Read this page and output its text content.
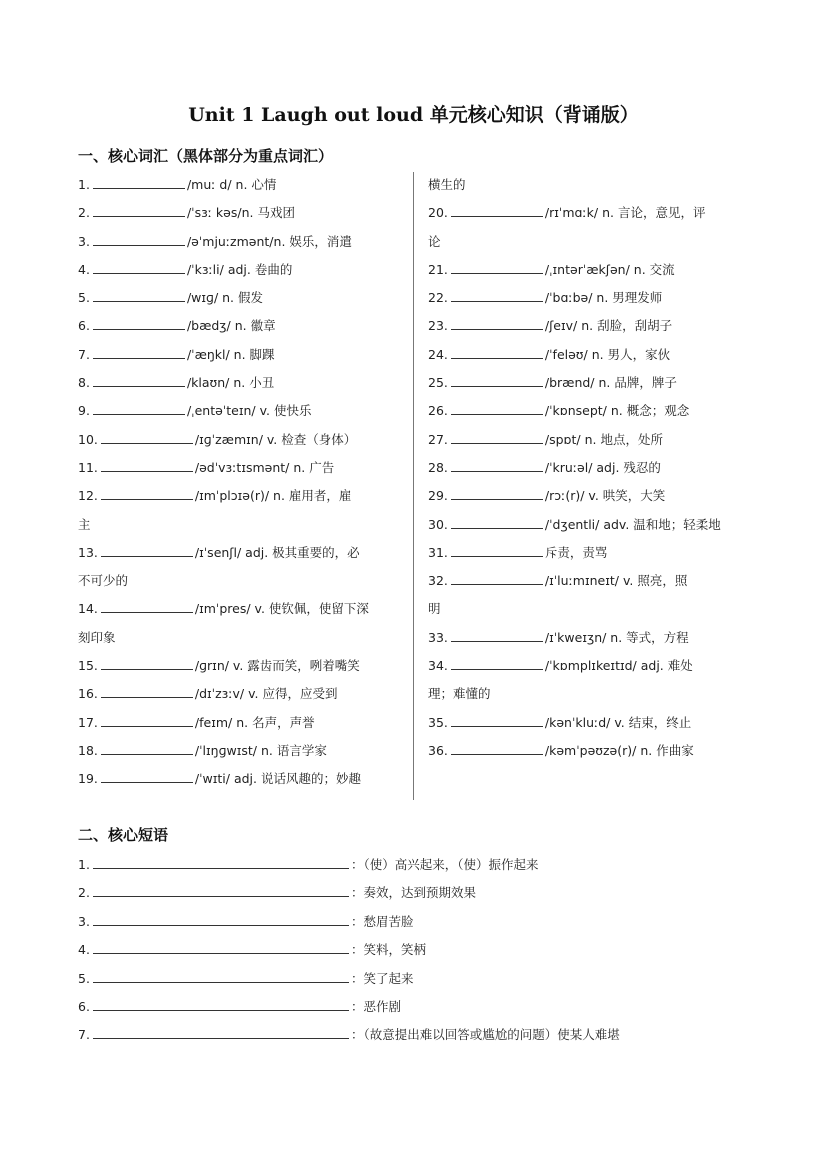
Unit 1 Laugh out loud 单元核心知识（背诵版）
一、核心词汇（黑体部分为重点词汇）
1.	/muː d/ n. 心情
2.	/ˈsɜː kəs/n. 马戏团
3.	/əˈmjuːzmənt/n. 娱乐，消遣
4.	/ˈkɜːli/ adj. 卷曲的
5.	/wɪɡ/ n. 假发
6.	/bædʒ/ n. 徽章
7.	/ˈæŋkl/ n. 脚踝
8.	/klaʊn/ n. 小丑
9.	/ˌentəˈteɪn/ v. 使快乐
10.	/ɪɡˈzæmɪn/ v. 检查（身体）
11.	/ədˈvɜːtɪsmənt/ n. 广告
12.	/ɪmˈplɔɪə(r)/ n. 雇用者，雇
主
13.	/ɪˈsenʃl/ adj. 极其重要的，必
不可少的
14.	/ɪmˈpres/ v. 使钦佩，使留下深
刻印象
15.	/ɡrɪn/ v. 露齿而笑，咧着嘴笑
16.	/dɪˈzɜːv/ v. 应得，应受到
17.	/feɪm/ n. 名声，声誉
18.	/ˈlɪŋɡwɪst/ n. 语言学家
19.	/ˈwɪti/ adj. 说话风趣的；妙趣
横生的
20.	/rɪˈmɑːk/ n. 言论，意见，评
论
21.	/ˌɪntərˈækʃən/ n. 交流
22.	/ˈbɑːbə/ n. 男理发师
23.	/ʃeɪv/ n. 刮脸，刮胡子
24.	/ˈfeləʊ/ n. 男人，家伙
25.	/brænd/ n. 品牌，牌子
26.	/ˈkɒnsept/ n. 概念；观念
27.	/spɒt/ n. 地点，处所
28.	/ˈkruːəl/ adj. 残忍的
29.	/rɔː(r)/ v. 哄笑，大笑
30.	/ˈdʒentli/ adv. 温和地；轻柔地
31.	斥责，责骂
32.	/ɪˈluːmɪneɪt/ v. 照亮，照
明
33.	/ɪˈkweɪʒn/ n. 等式，方程
34.	/ˈkɒmplɪkeɪtɪd/ adj. 难处
理；难懂的
35.	/kənˈkluːd/ v. 结束，终止
36.	/kəmˈpəʊzə(r)/ n. 作曲家
二、核心短语
1.	：（使）高兴起来，（使）振作起来
2.	：奏效，达到预期效果
3.	：愁眉苦脸
4.	：笑料，笑柄
5.	：笑了起来
6.	：恶作剧
7.	：（故意提出难以回答或尴尬的问题）使某人难堪
